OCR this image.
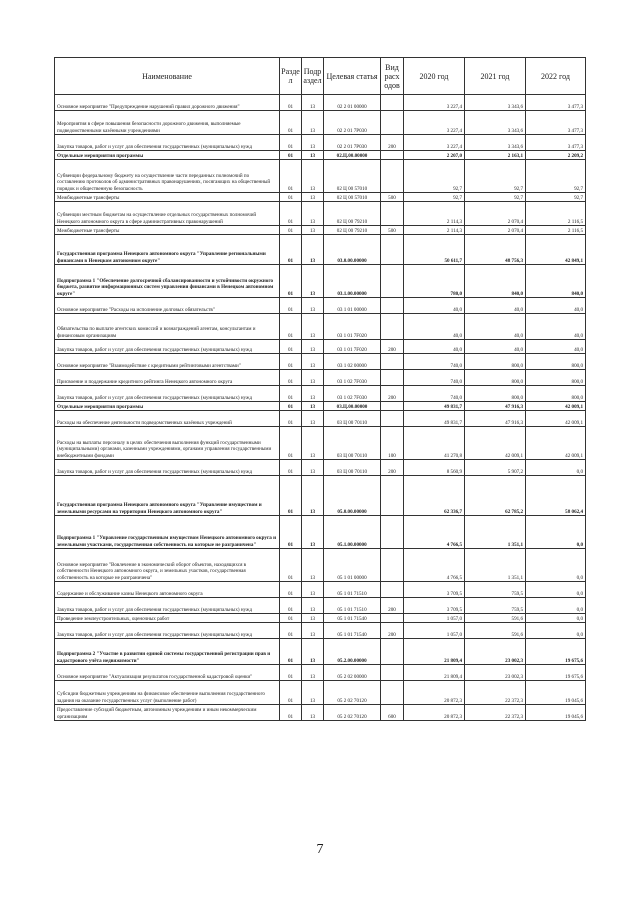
Наименование	Разде л	Подр аздел	Целевая статья	Вид расх одов	2020 год	2021 год	2022 год
Основное мероприятие "Предупреждение нарушений правил дорожного движения"	01	13	02 2 01 00000		3 227,4	3 343,6	3 477,3
Мероприятия в сфере повышения безопасности дорожного движения, выполняемые подведомственными казёнными учреждениями	01	13	02 2 01 7Р030		3 227,4	3 343,6	3 477,3
Закупка товаров, работ и услуг для обеспечения государственных (муниципальных) нужд	01	13	02 2 01 7Р030	200	3 227,4	3 343,6	3 477,3
Отдельные мероприятия программы	01	13	02.Ц.00.00000		2 207,0	2 163,1	2 209,2
Субвенции федеральному бюджету на осуществление части переданных полномочий по составлению протоколов об административных правонарушениях, посягающих на общественный порядок и общественную безопасность	01	13	02 Ц 00 57010		92,7	92,7	92,7
Межбюджетные трансферты	01	13	02 Ц 00 57010	500	92,7	92,7	92,7
Субвенции местным бюджетам на осуществление отдельных государственных полномочий Ненецкого автономного округа в сфере административных правонарушений	01	13	02 Ц 00 79210		2 114,3	2 070,4	2 116,5
Межбюджетные трансферты	01	13	02 Ц 00 79210	500	2 114,3	2 070,4	2 116,5
Государственная программа Ненецкого автономного округа "Управление региональными финансами в Ненецком автономном округе"	01	13	03.0.00.00000		50 611,7	48 756,3	42 849,1
Подпрограмма 1 "Обеспечение долгосрочной сбалансированности и устойчивости окружного бюджета, развитие информационных систем управления финансами в Ненецком автономном округе"	01	13	03.1.00.00000		780,0	840,0	840,0
Основное мероприятие "Расходы на исполнение долговых обязательств"	01	13	03 1 01 00000		40,0	40,0	40,0
Обязательства по выплате агентских комиссий и вознаграждений агентам, консультантам и финансовым организациям	01	13	03 1 01 7F020		40,0	40,0	40,0
Закупка товаров, работ и услуг для обеспечения государственных (муниципальных) нужд	01	13	03 1 01 7F020	200	40,0	40,0	40,0
Основное мероприятие "Взаимодействие с кредитными рейтинговыми агентствами"	01	13	03 1 02 00000		740,0	800,0	800,0
Присвоение и поддержание кредитного рейтинга Ненецкого автономного округа	01	13	03 1 02 7F030		740,0	800,0	800,0
Закупка товаров, работ и услуг для обеспечения государственных (муниципальных) нужд	01	13	03 1 02 7F030	200	740,0	800,0	800,0
Отдельные мероприятия программы	01	13	03.Ц.00.00000		49 831,7	47 916,3	42 009,1
Расходы на обеспечение деятельности подведомственных казённых учреждений	01	13	03 Ц 00 70110		49 831,7	47 916,3	42 009,1
Расходы на выплаты персоналу в целях обеспечения выполнения функций государственными (муниципальными) органами, казенными учреждениями, органами управления государственными внебюджетными фондами	01	13	03 Ц 00 70110	100	41 270,8	42 009,1	42 009,1
Закупка товаров, работ и услуг для обеспечения государственных (муниципальных) нужд	01	13	03 Ц 00 70110	200	8 560,9	5 907,2	0,0
Государственная программа Ненецкого автономного округа "Управление имуществом и земельными ресурсами на территории Ненецкого автономного округа"	01	13	05.0.00.00000		62 336,7	62 785,2	58 062,4
Подпрограмма 1 "Управление государственным имуществом Ненецкого автономного округа и земельными участками, государственная собственность на которые не разграничена"	01	13	05.1.00.00000		4 766,5	1 351,1	0,0
Основное мероприятие "Вовлечение в экономический оборот объектов, находящихся в собственности Ненецкого автономного округа, и земельных участков, государственная собственность на которые не разграничена"	01	13	05 1 01 00000		4 766,5	1 351,1	0,0
Содержание и обслуживание казны Ненецкого автономного округа	01	13	05 1 01 71510		3 709,5	759,5	0,0
Закупка товаров, работ и услуг для обеспечения государственных (муниципальных) нужд	01	13	05 1 01 71510	200	3 709,5	759,5	0,0
Проведение землеустроительных, оценочных работ	01	13	05 1 01 71540		1 057,0	591,6	0,0
Закупка товаров, работ и услуг для обеспечения государственных (муниципальных) нужд	01	13	05 1 01 71540	200	1 057,0	591,6	0,0
Подпрограмма 2 "Участие в развитии единой системы государственной регистрации прав и кадастрового учёта недвижимости"	01	13	05.2.00.00000		21 809,4	23 002,3	19 675,6
Основное мероприятие "Актуализация результатов государственной кадастровой оценки"	01	13	05 2 02 00000		21 809,4	23 002,3	19 675,6
Субсидии бюджетным учреждениям на финансовое обеспечение выполнения государственного задания на оказание государственных услуг (выполнение работ)	01	13	05 2 02 70120		20 872,3	22 372,3	19 045,6
Предоставление субсидий бюджетным, автономным учреждениям и иным некоммерческим организациям	01	13	05 2 02 70120	600	20 872,3	22 372,3	19 045,6
7
